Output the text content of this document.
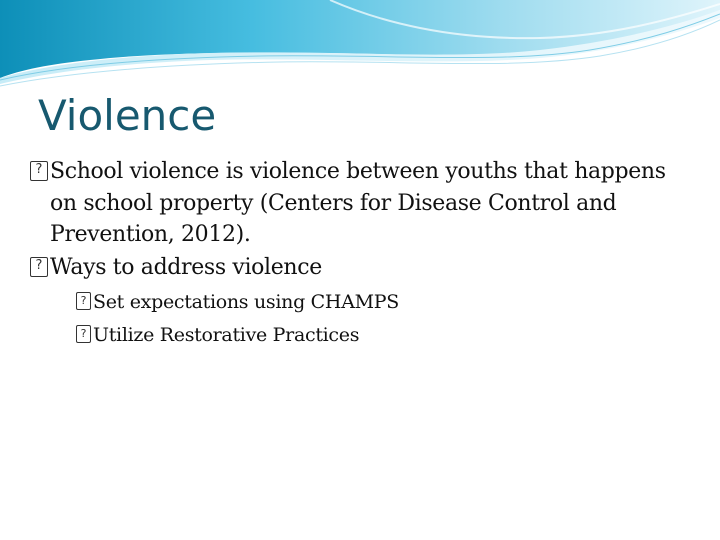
Violence
? School violence is violence between youths that happens on school property (Centers for Disease Control and Prevention, 2012).
? Ways to address violence
? Set expectations using CHAMPS
? Utilize Restorative Practices
